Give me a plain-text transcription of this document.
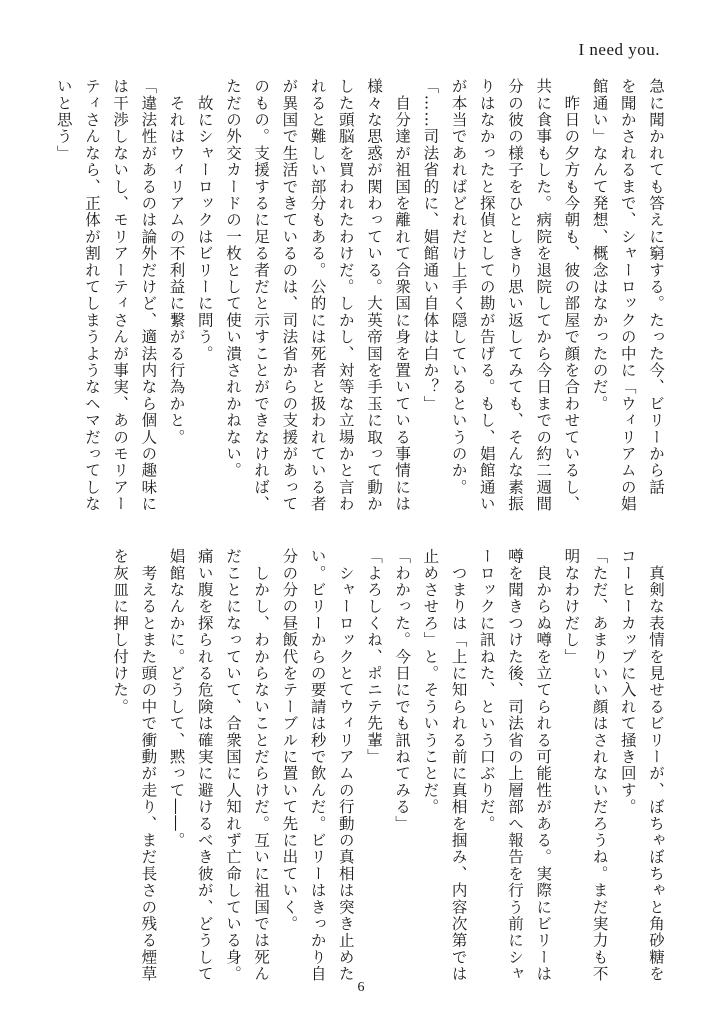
I need you.
急に聞かれても答えに窮する。たった今、ビリーから話
を聞かされるまで、シャーロックの中に「ウィリアムの娼
館通い」なんて発想、概念はなかったのだ。
　昨日の夕方も今朝も、彼の部屋で顔を合わせているし、
共に食事もした。病院を退院してから今日までの約二週間
分の彼の様子をひとしきり思い返してみても、そんな素振
りはなかったと探偵としての勘が告げる。もし、娼館通い
が本当であればどれだけ上手く隠しているというのか。
「……司法省的に、娼館通い自体は白か？」
　自分達が祖国を離れて合衆国に身を置いている事情には
様々な思惑が関わっている。大英帝国を手玉に取って動か
した頭脳を買われたわけだ。しかし、対等な立場かと言わ
れると難しい部分もある。公的には死者と扱われている者
が異国で生活できているのは、司法省からの支援があって
のもの。支援するに足る者だと示すことができなければ、
ただの外交カードの一枚として使い潰されかねない。
　故にシャーロックはビリーに問う。
　それはウィリアムの不利益に繋がる行為かと。
「違法性があるのは論外だけど、適法内なら個人の趣味に
は干渉しないし、モリアーティさんが事実、あのモリアー
ティさんなら、正体が割れてしまうようなヘマだってしな
いと思う」
　真剣な表情を見せるビリーが、ぼちゃぼちゃと角砂糖を
コーヒーカップに入れて掻き回す。
「ただ、あまりいい顔はされないだろうね。まだ実力も不
明なわけだし」
　良からぬ噂を立てられる可能性がある。実際にビリーは
噂を聞きつけた後、司法省の上層部へ報告を行う前にシャ
ーロックに訊ねた、という口ぶりだ。
　つまりは「上に知られる前に真相を掴み、内容次第では
止めさせろ」と。そういうことだ。
「わかった。今日にでも訊ねてみる」
「よろしくね、ポニテ先輩」
　シャーロックとてウィリアムの行動の真相は突き止めた
い。ビリーからの要請は秒で飲んだ。ビリーはきっかり自
分の分の昼飯代をテーブルに置いて先に出ていく。
　しかし、わからないことだらけだ。互いに祖国では死ん
だことになっていて、合衆国に人知れず亡命している身。
痛い腹を探られる危険は確実に避けるべき彼が、どうして
娼館なんかに。どうして、黙って――。
　考えるとまた頭の中で衝動が走り、まだ長さの残る煙草
を灰皿に押し付けた。
6
